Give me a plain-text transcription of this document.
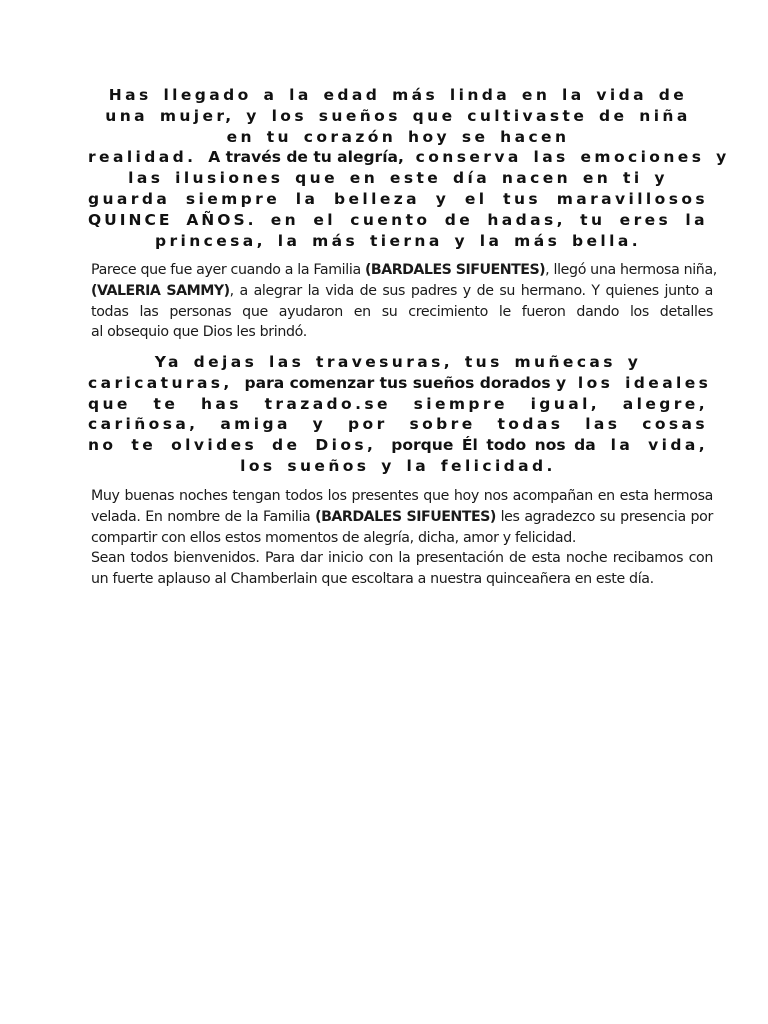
Has llegado a la edad más linda en la vida de
una mujer, y los sueños que cultivaste de niña
en tu corazón hoy se hacen
realidad. A través de tu alegría, conserva las emociones y
las ilusiones que en este día nacen en ti y
guarda siempre la belleza y el tus maravillosos
QUINCE AÑOS. en el cuento de hadas, tu eres la
princesa, la más tierna y la más bella.
Parece que fue ayer cuando a la Familia (BARDALES SIFUENTES), llegó una hermosa niña,
(VALERIA SAMMY), a alegrar la vida de sus padres y de su hermano. Y quienes junto a
todas las personas que ayudaron en su crecimiento le fueron dando los detalles
al obsequio que Dios les brindó.
Ya dejas las travesuras, tus muñecas y
caricaturas, para comenzar tus sueños dorados y los ideales
que te has trazado.se siempre igual, alegre,
cariñosa, amiga y por sobre todas las cosas
no te olvides de Dios, porque Él todo nos da la vida,
los sueños y la felicidad.
Muy buenas noches tengan todos los presentes que hoy nos acompañan en esta hermosa
velada. En nombre de la Familia (BARDALES SIFUENTES) les agradezco su presencia por
compartir con ellos estos momentos de alegría, dicha, amor y felicidad.
Sean todos bienvenidos. Para dar inicio con la presentación de esta noche recibamos con
un fuerte aplauso al Chamberlain que escoltara a nuestra quinceañera en este día.
